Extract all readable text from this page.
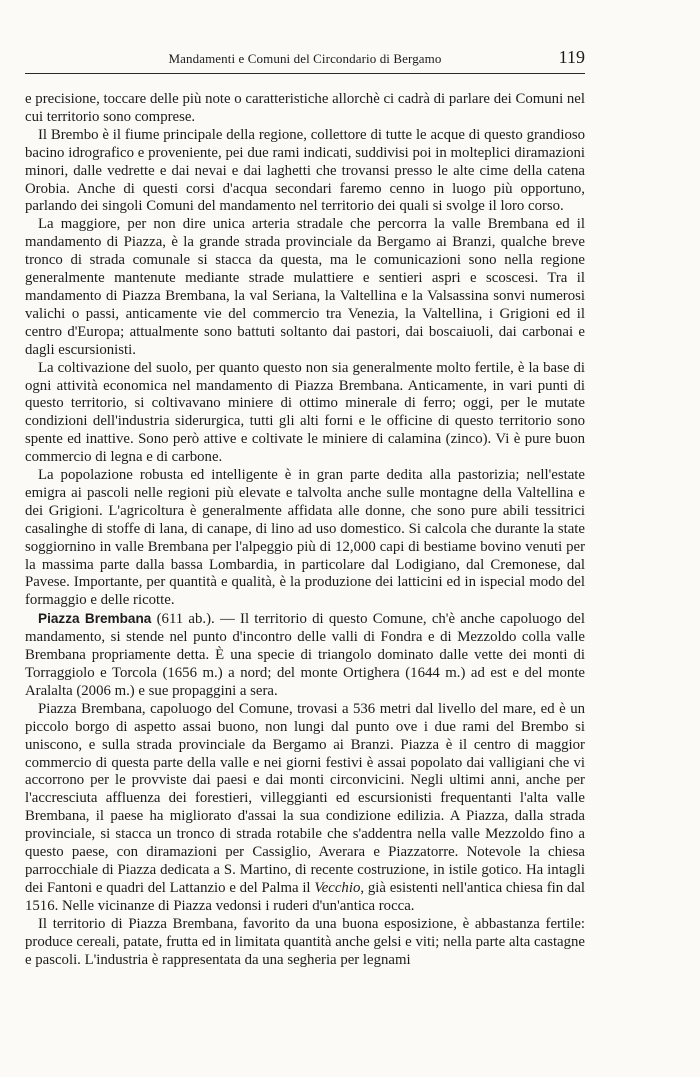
Mandamenti e Comuni del Circondario di Bergamo	119

e precisione, toccare delle più note o caratteristiche allorchè ci cadrà di parlare dei Comuni nel cui territorio sono comprese.

Il Brembo è il fiume principale della regione, collettore di tutte le acque di questo grandioso bacino idrografico e proveniente, pei due rami indicati, suddivisi poi in molteplici diramazioni minori, dalle vedrette e dai nevai e dai laghetti che trovansi presso le alte cime della catena Orobia. Anche di questi corsi d'acqua secondari faremo cenno in luogo più opportuno, parlando dei singoli Comuni del mandamento nel territorio dei quali si svolge il loro corso.

La maggiore, per non dire unica arteria stradale che percorra la valle Brembana ed il mandamento di Piazza, è la grande strada provinciale da Bergamo ai Branzi, qualche breve tronco di strada comunale si stacca da questa, ma le comunicazioni sono nella regione generalmente mantenute mediante strade mulattiere e sentieri aspri e scoscesi. Tra il mandamento di Piazza Brembana, la val Seriana, la Valtellina e la Valsassina sonvi numerosi valichi o passi, anticamente vie del commercio tra Venezia, la Valtellina, i Grigioni ed il centro d'Europa; attualmente sono battuti soltanto dai pastori, dai boscaiuoli, dai carbonai e dagli escursionisti.

La coltivazione del suolo, per quanto questo non sia generalmente molto fertile, è la base di ogni attività economica nel mandamento di Piazza Brembana. Anticamente, in vari punti di questo territorio, si coltivavano miniere di ottimo minerale di ferro; oggi, per le mutate condizioni dell'industria siderurgica, tutti gli alti forni e le officine di questo territorio sono spente ed inattive. Sono però attive e coltivate le miniere di calamina (zinco). Vi è pure buon commercio di legna e di carbone.

La popolazione robusta ed intelligente è in gran parte dedita alla pastorizia; nell'estate emigra ai pascoli nelle regioni più elevate e talvolta anche sulle montagne della Valtellina e dei Grigioni. L'agricoltura è generalmente affidata alle donne, che sono pure abili tessitrici casalinghe di stoffe di lana, di canape, di lino ad uso domestico. Si calcola che durante la state soggiornino in valle Brembana per l'alpeggio più di 12,000 capi di bestiame bovino venuti per la massima parte dalla bassa Lombardia, in particolare dal Lodigiano, dal Cremonese, dal Pavese. Importante, per quantità e qualità, è la produzione dei latticini ed in ispecial modo del formaggio e delle ricotte.

Piazza Brembana (611 ab.). — Il territorio di questo Comune, ch'è anche capoluogo del mandamento, si stende nel punto d'incontro delle valli di Fondra e di Mezzoldo colla valle Brembana propriamente detta. È una specie di triangolo dominato dalle vette dei monti di Torraggiolo e Torcola (1656 m.) a nord; del monte Ortighera (1644 m.) ad est e del monte Aralalta (2006 m.) e sue propaggini a sera.

Piazza Brembana, capoluogo del Comune, trovasi a 536 metri dal livello del mare, ed è un piccolo borgo di aspetto assai buono, non lungi dal punto ove i due rami del Brembo si uniscono, e sulla strada provinciale da Bergamo ai Branzi. Piazza è il centro di maggior commercio di questa parte della valle e nei giorni festivi è assai popolato dai valligiani che vi accorrono per le provviste dai paesi e dai monti circonvicini. Negli ultimi anni, anche per l'accresciuta affluenza dei forestieri, villeggianti ed escursionisti frequentanti l'alta valle Brembana, il paese ha migliorato d'assai la sua condizione edilizia. A Piazza, dalla strada provinciale, si stacca un tronco di strada rotabile che s'addentra nella valle Mezzoldo fino a questo paese, con diramazioni per Cassiglio, Averara e Piazzatorre. Notevole la chiesa parrocchiale di Piazza dedicata a S. Martino, di recente costruzione, in istile gotico. Ha intagli dei Fantoni e quadri del Lattanzio e del Palma il Vecchio, già esistenti nell'antica chiesa fin dal 1516. Nelle vicinanze di Piazza vedonsi i ruderi d'un'antica rocca.

Il territorio di Piazza Brembana, favorito da una buona esposizione, è abbastanza fertile: produce cereali, patate, frutta ed in limitata quantità anche gelsi e viti; nella parte alta castagne e pascoli. L'industria è rappresentata da una segheria per legnami
